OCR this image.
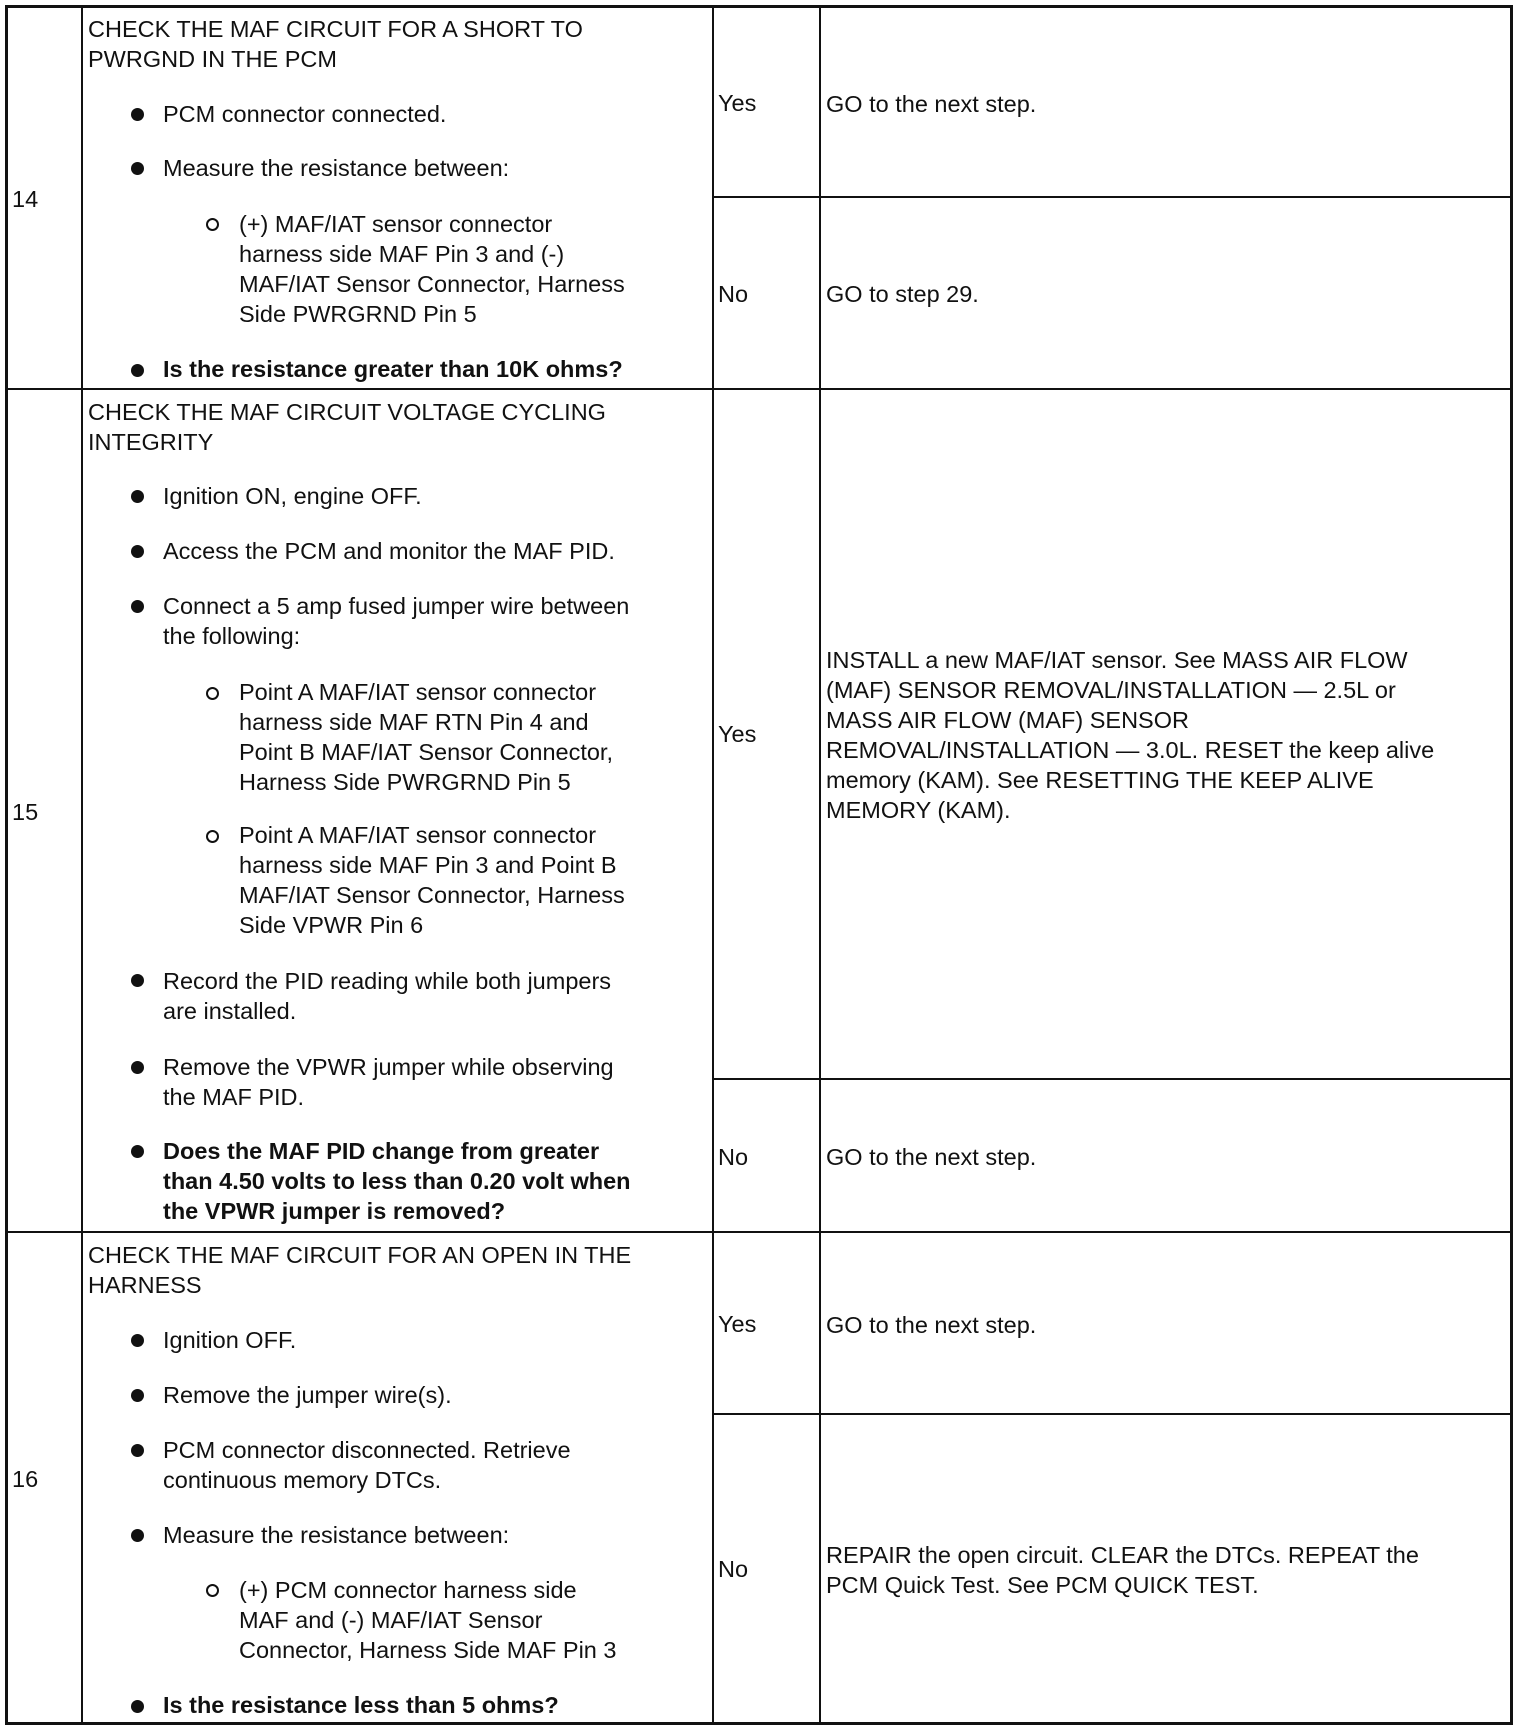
14
CHECK THE MAF CIRCUIT FOR A SHORT TO
PWRGND IN THE PCM
PCM connector connected.
Measure the resistance between:
(+) MAF/IAT sensor connector
harness side MAF Pin 3 and (-)
MAF/IAT Sensor Connector, Harness
Side PWRGRND Pin 5
Is the resistance greater than 10K ohms?
Yes	GO to the next step.
No	GO to step 29.
15
CHECK THE MAF CIRCUIT VOLTAGE CYCLING
INTEGRITY
Ignition ON, engine OFF.
Access the PCM and monitor the MAF PID.
Connect a 5 amp fused jumper wire between
the following:
Point A MAF/IAT sensor connector
harness side MAF RTN Pin 4 and
Point B MAF/IAT Sensor Connector,
Harness Side PWRGRND Pin 5
Point A MAF/IAT sensor connector
harness side MAF Pin 3 and Point B
MAF/IAT Sensor Connector, Harness
Side VPWR Pin 6
Record the PID reading while both jumpers
are installed.
Remove the VPWR jumper while observing
the MAF PID.
Does the MAF PID change from greater
than 4.50 volts to less than 0.20 volt when
the VPWR jumper is removed?
Yes
INSTALL a new MAF/IAT sensor. See MASS AIR FLOW
(MAF) SENSOR REMOVAL/INSTALLATION — 2.5L or
MASS AIR FLOW (MAF) SENSOR
REMOVAL/INSTALLATION — 3.0L. RESET the keep alive
memory (KAM). See RESETTING THE KEEP ALIVE
MEMORY (KAM).
No	GO to the next step.
16
CHECK THE MAF CIRCUIT FOR AN OPEN IN THE
HARNESS
Ignition OFF.
Remove the jumper wire(s).
PCM connector disconnected. Retrieve
continuous memory DTCs.
Measure the resistance between:
(+) PCM connector harness side
MAF and (-) MAF/IAT Sensor
Connector, Harness Side MAF Pin 3
Is the resistance less than 5 ohms?
Yes	GO to the next step.
No
REPAIR the open circuit. CLEAR the DTCs. REPEAT the
PCM Quick Test. See PCM QUICK TEST.
